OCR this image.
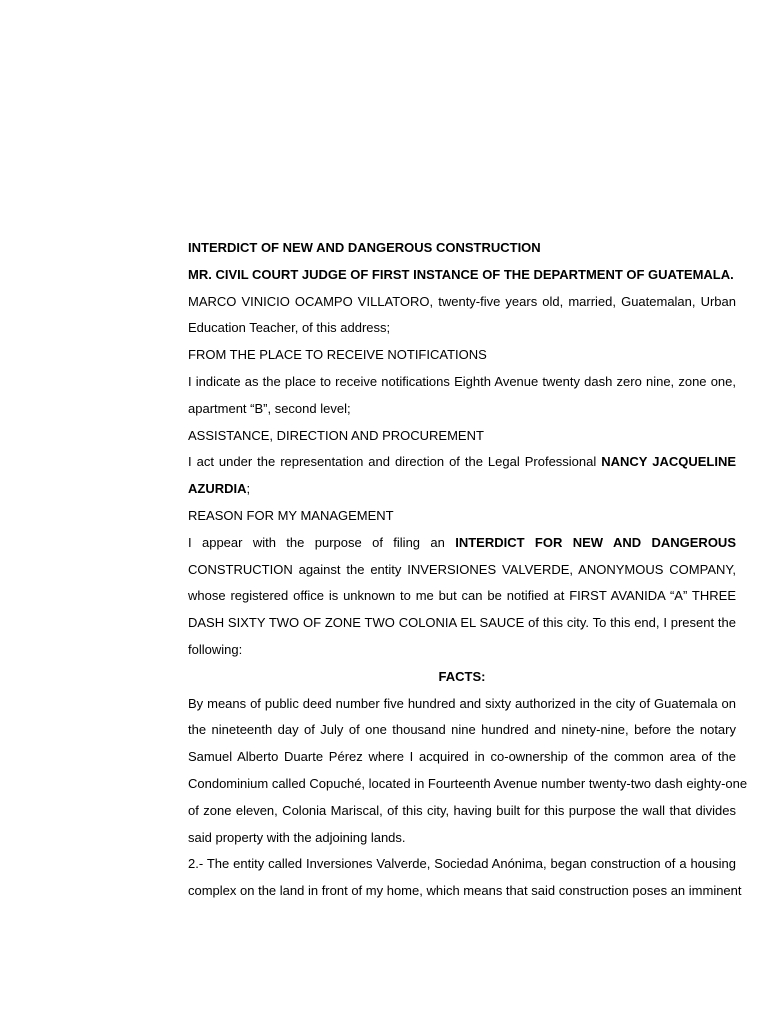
INTERDICT OF NEW AND DANGEROUS CONSTRUCTION
MR. CIVIL COURT JUDGE OF FIRST INSTANCE OF THE DEPARTMENT OF GUATEMALA.
MARCO VINICIO OCAMPO VILLATORO, twenty-five years old, married, Guatemalan, Urban
Education Teacher, of this address;
FROM THE PLACE TO RECEIVE NOTIFICATIONS
I indicate as the place to receive notifications Eighth Avenue twenty dash zero nine, zone one,
apartment “B”, second level;
ASSISTANCE, DIRECTION AND PROCUREMENT
I act under the representation and direction of the Legal Professional NANCY JACQUELINE
AZURDIA;
REASON FOR MY MANAGEMENT
I appear with the purpose of filing an INTERDICT FOR NEW AND DANGEROUS
CONSTRUCTION against the entity INVERSIONES VALVERDE, ANONYMOUS COMPANY,
whose registered office is unknown to me but can be notified at FIRST AVANIDA “A” THREE
DASH SIXTY TWO OF ZONE TWO COLONIA EL SAUCE of this city. To this end, I present the
following:
FACTS:
By means of public deed number five hundred and sixty authorized in the city of Guatemala on
the nineteenth day of July of one thousand nine hundred and ninety-nine, before the notary
Samuel Alberto Duarte Pérez where I acquired in co-ownership of the common area of the
Condominium called Copuché, located in Fourteenth Avenue number twenty-two dash eighty-one
of zone eleven, Colonia Mariscal, of this city, having built for this purpose the wall that divides
said property with the adjoining lands.
2.- The entity called Inversiones Valverde, Sociedad Anónima, began construction of a housing
complex on the land in front of my home, which means that said construction poses an imminent
